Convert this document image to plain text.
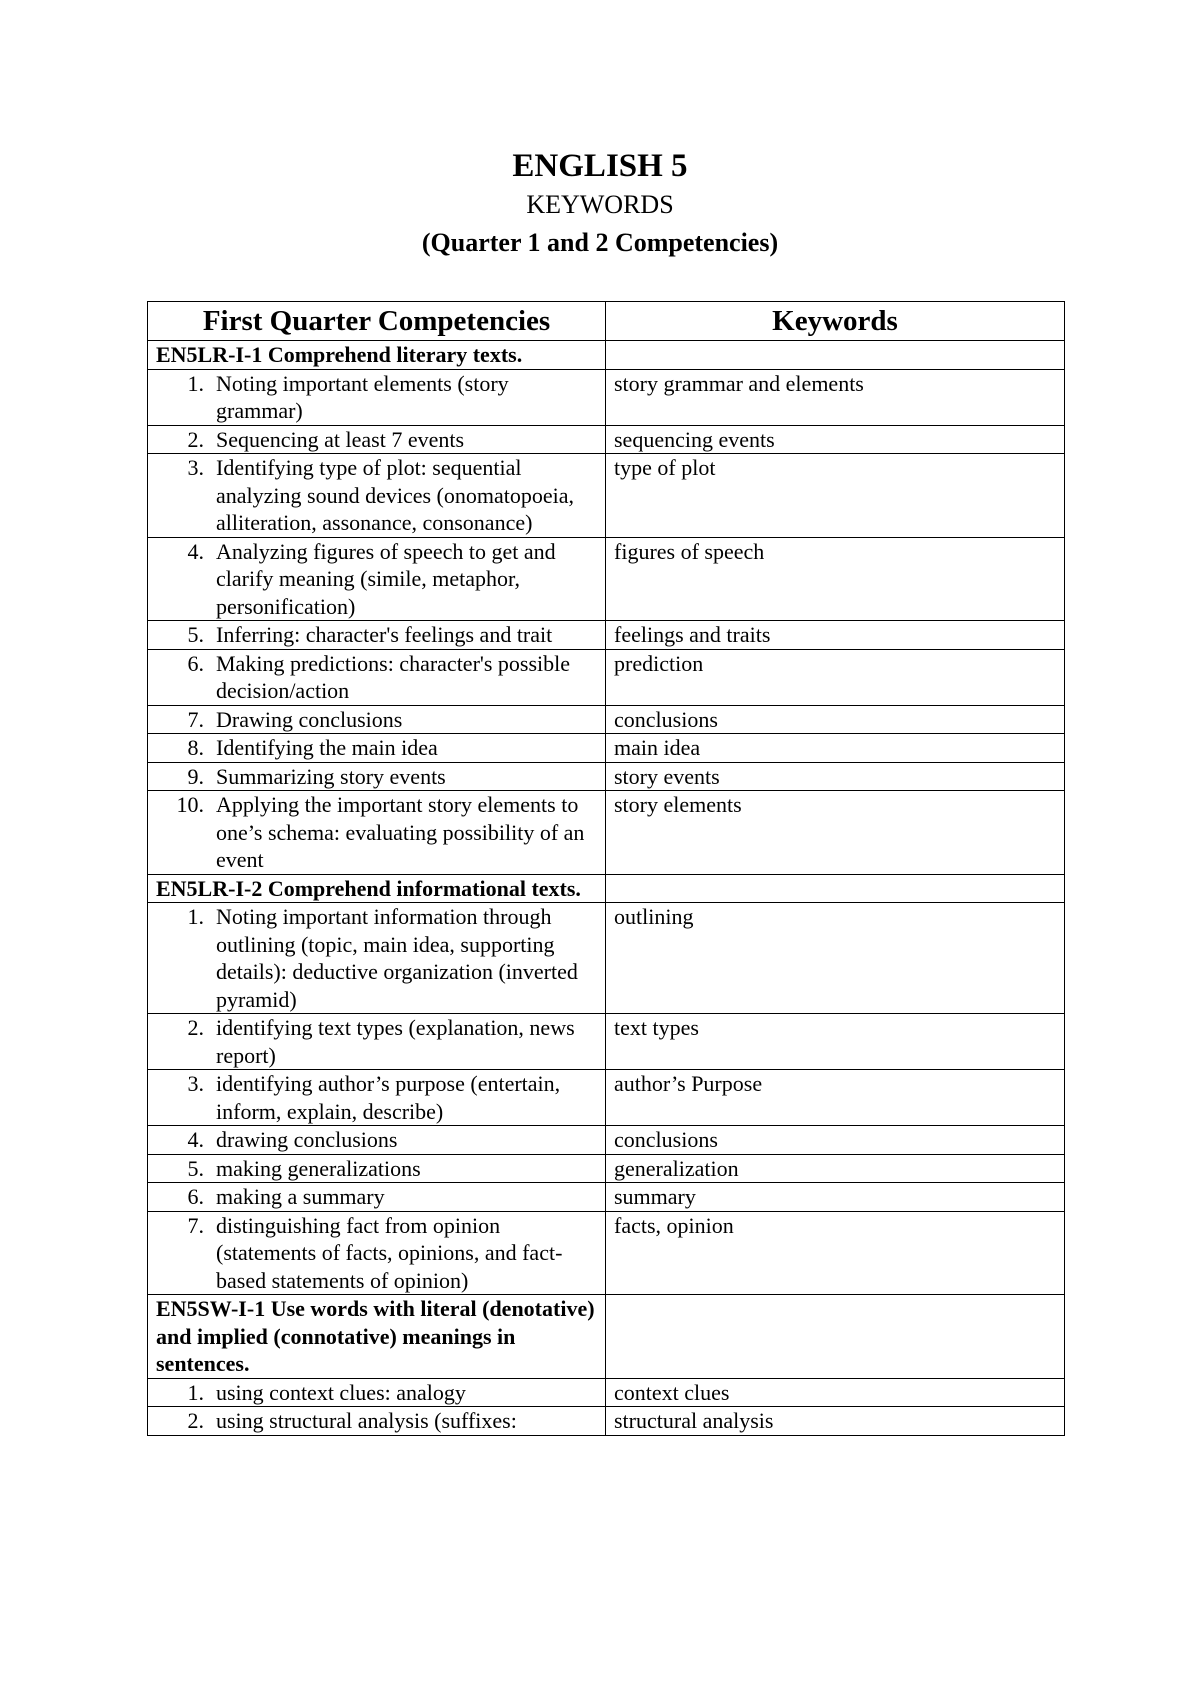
ENGLISH 5
KEYWORDS
(Quarter 1 and 2 Competencies)
First Quarter Competencies	Keywords

EN5LR-I-1 Comprehend literary texts.	

1. Noting important elements (story grammar)	story grammar and elements

2. Sequencing at least 7 events	sequencing events

3. Identifying type of plot: sequential analyzing sound devices (onomatopoeia, alliteration, assonance, consonance)	type of plot

4. Analyzing figures of speech to get and clarify meaning (simile, metaphor, personification)	figures of speech

5. Inferring: character's feelings and trait	feelings and traits

6. Making predictions: character's possible decision/action	prediction

7. Drawing conclusions	conclusions

8. Identifying the main idea	main idea

9. Summarizing story events	story events

10. Applying the important story elements to one’s schema: evaluating possibility of an event	story elements

EN5LR-I-2 Comprehend informational texts.	

1. Noting important information through outlining (topic, main idea, supporting details): deductive organization (inverted pyramid)	outlining

2. identifying text types (explanation, news report)	text types

3. identifying author’s purpose (entertain, inform, explain, describe)	author’s Purpose

4. drawing conclusions	conclusions

5. making generalizations	generalization

6. making a summary	summary

7. distinguishing fact from opinion (statements of facts, opinions, and fact-based statements of opinion)	facts, opinion

EN5SW-I-1 Use words with literal (denotative) and implied (connotative) meanings in sentences.	

1. using context clues: analogy	context clues

2. using structural analysis (suffixes:	structural analysis
